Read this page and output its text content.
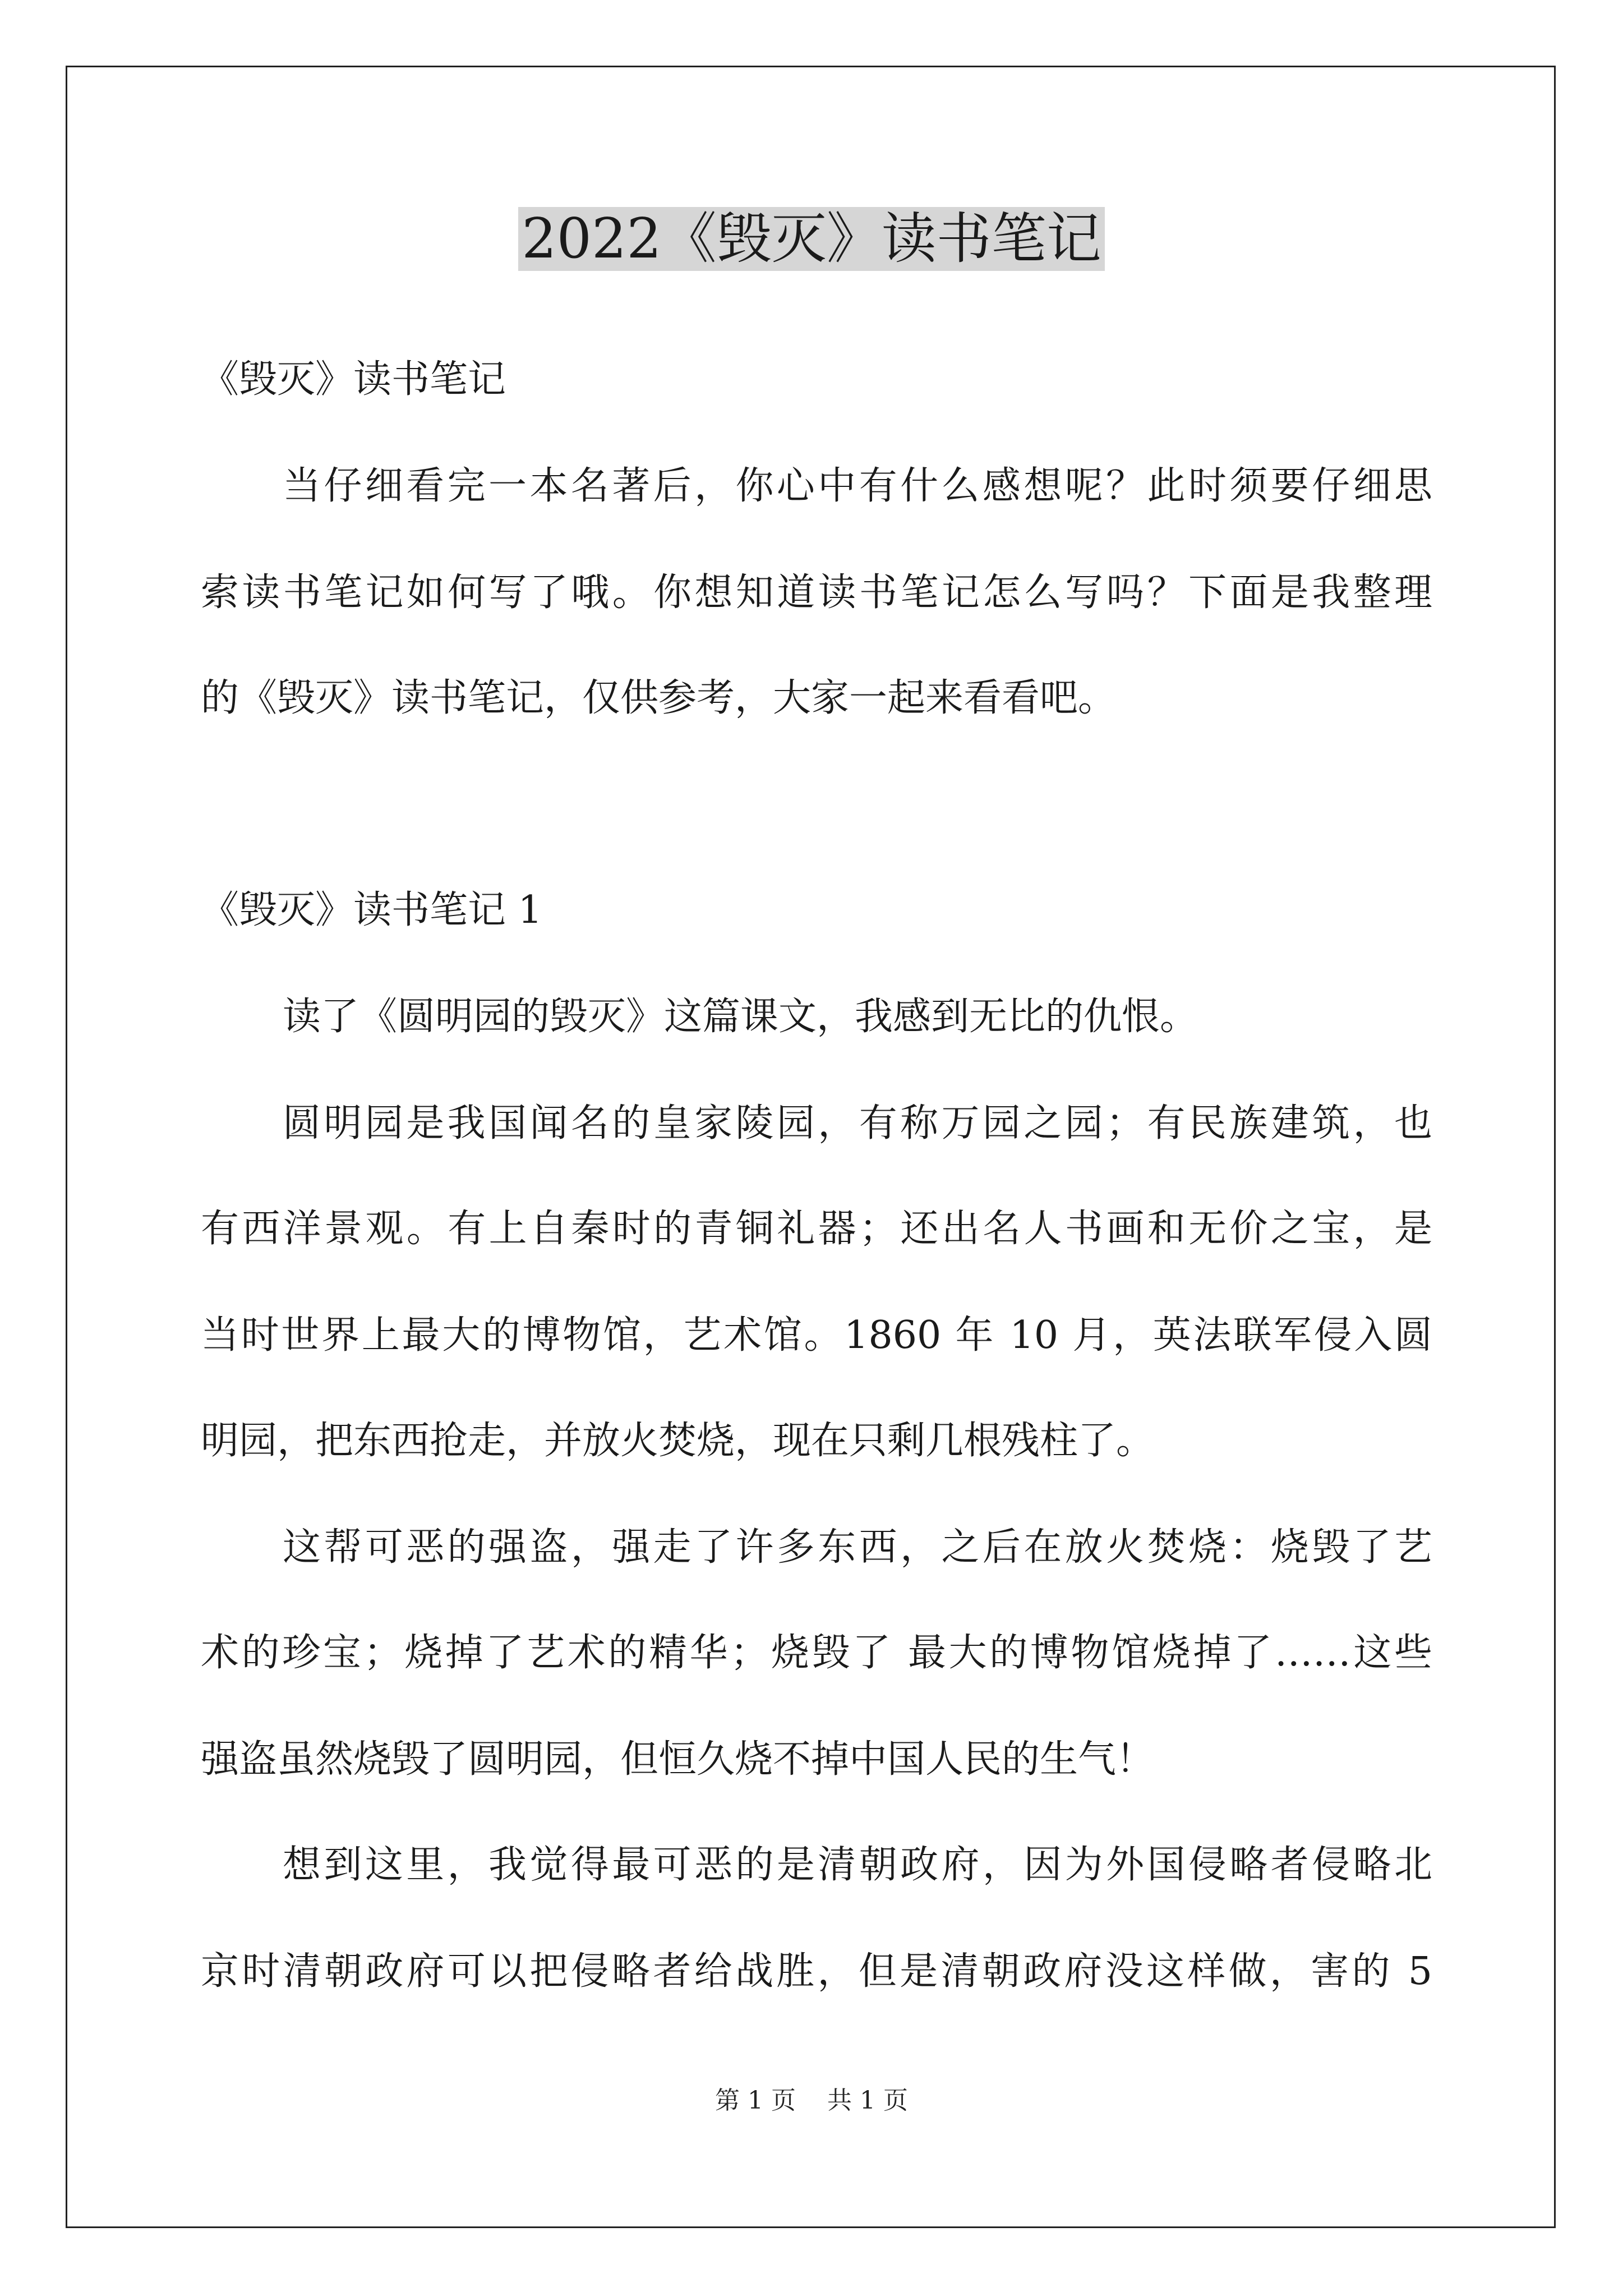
2022《毁灭》读书笔记
《毁灭》读书笔记
当仔细看完一本名著后，你心中有什么感想呢？此时须要仔细思
索读书笔记如何写了哦。你想知道读书笔记怎么写吗？下面是我整理
的《毁灭》读书笔记，仅供参考，大家一起来看看吧。
《毁灭》读书笔记 1
读了《圆明园的毁灭》这篇课文，我感到无比的仇恨。
圆明园是我国闻名的皇家陵园，有称万园之园；有民族建筑，也
有西洋景观。有上自秦时的青铜礼器；还出名人书画和无价之宝，是
当时世界上最大的博物馆，艺术馆。1860 年 10 月，英法联军侵入圆
明园，把东西抢走，并放火焚烧，现在只剩几根残柱了。
这帮可恶的强盗，强走了许多东西，之后在放火焚烧：烧毁了艺
术的珍宝；烧掉了艺术的精华；烧毁了 最大的博物馆烧掉了……这些
强盗虽然烧毁了圆明园，但恒久烧不掉中国人民的生气！
想到这里，我觉得最可恶的是清朝政府，因为外国侵略者侵略北
京时清朝政府可以把侵略者给战胜，但是清朝政府没这样做，害的 5
第 1 页 共 1 页
